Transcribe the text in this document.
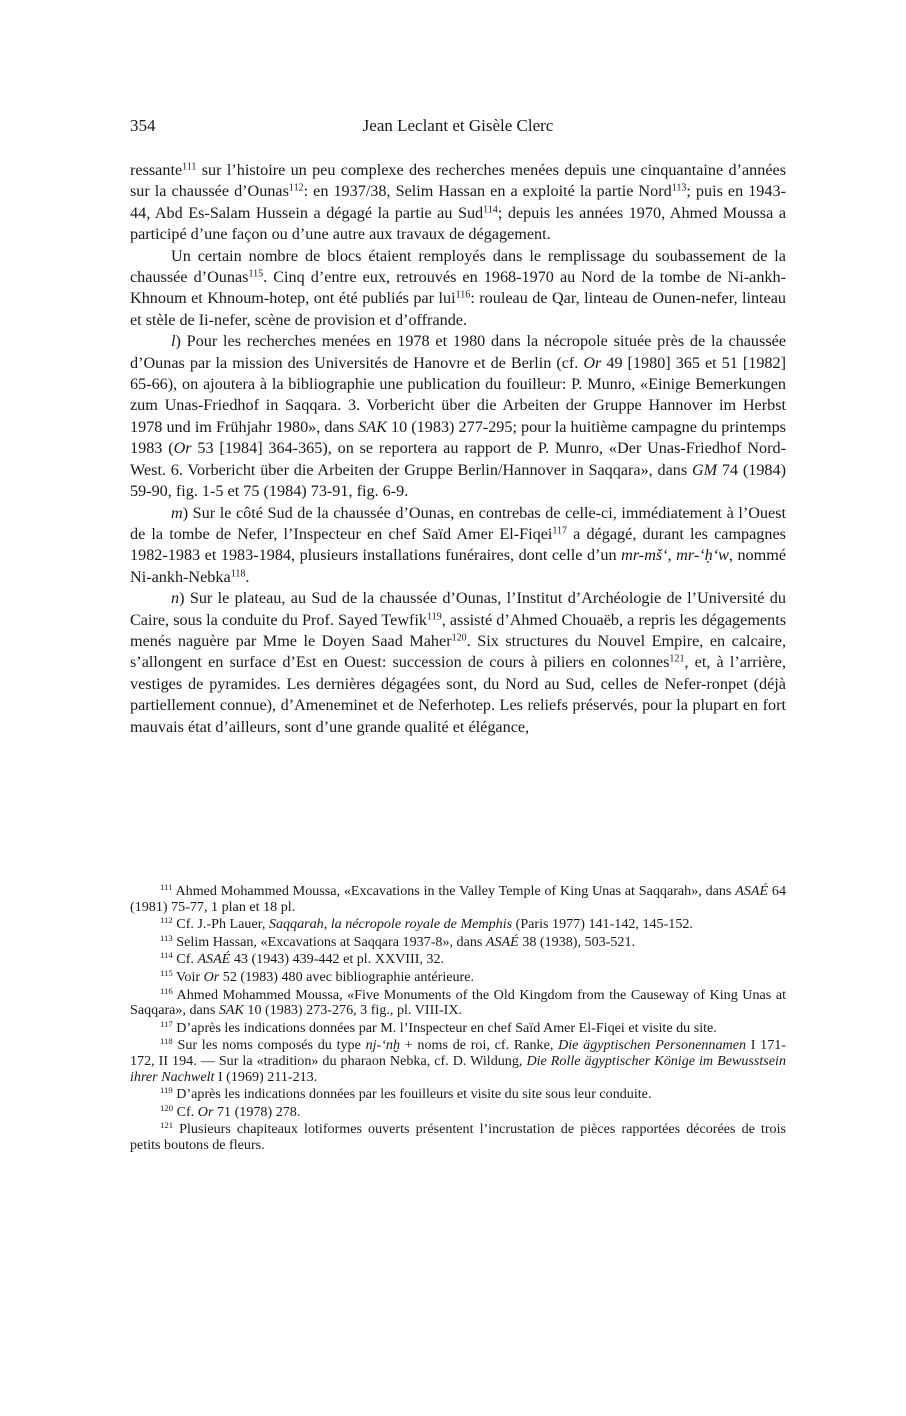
354	Jean Leclant et Gisèle Clerc

ressante$^{111}$ sur l’histoire un peu complexe des recherches menées depuis une cinquantaine d’années sur la chaussée d’Ounas$^{112}$: en 1937/38, Selim Hassan en a exploité la partie Nord$^{113}$; puis en 1943-44, Abd Es-Salam Hussein a dégagé la partie au Sud$^{114}$; depuis les années 1970, Ahmed Moussa a participé d’une façon ou d’une autre aux travaux de dégagement.

Un certain nombre de blocs étaient remployés dans le remplissage du soubassement de la chaussée d’Ounas$^{115}$. Cinq d’entre eux, retrouvés en 1968-1970 au Nord de la tombe de Ni-ankh-Khnoum et Khnoum-hotep, ont été publiés par lui$^{116}$: rouleau de Qar, linteau de Ounen-nefer, linteau et stèle de Ii-nefer, scène de provision et d’offrande.

l) Pour les recherches menées en 1978 et 1980 dans la nécropole située près de la chaussée d’Ounas par la mission des Universités de Hanovre et de Berlin (cf. Or 49 [1980] 365 et 51 [1982] 65-66), on ajoutera à la bibliographie une publication du fouilleur: P. Munro, «Einige Bemerkungen zum Unas-Friedhof in Saqqara. 3. Vorbericht über die Arbeiten der Gruppe Hannover im Herbst 1978 und im Frühjahr 1980», dans SAK 10 (1983) 277-295; pour la huitième campagne du printemps 1983 (Or 53 [1984] 364-365), on se reportera au rapport de P. Munro, «Der Unas-Friedhof Nord-West. 6. Vorbericht über die Arbeiten der Gruppe Berlin/Hannover in Saqqara», dans GM 74 (1984) 59-90, fig. 1-5 et 75 (1984) 73-91, fig. 6-9.

m) Sur le côté Sud de la chaussée d’Ounas, en contrebas de celle-ci, immédiatement à l’Ouest de la tombe de Nefer, l’Inspecteur en chef Saïd Amer El-Fiqei$^{117}$ a dégagé, durant les campagnes 1982-1983 et 1983-1984, plusieurs installations funéraires, dont celle d’un mr-mš‘, mr-‘ḥ‘w, nommé Ni-ankh-Nebka$^{118}$.

n) Sur le plateau, au Sud de la chaussée d’Ounas, l’Institut d’Archéologie de l’Université du Caire, sous la conduite du Prof. Sayed Tewfik$^{119}$, assisté d’Ahmed Chouaëb, a repris les dégagements menés naguère par Mme le Doyen Saad Maher$^{120}$. Six structures du Nouvel Empire, en calcaire, s’allongent en surface d’Est en Ouest: succession de cours à piliers en colonnes$^{121}$, et, à l’arrière, vestiges de pyramides. Les dernières dégagées sont, du Nord au Sud, celles de Nefer-ronpet (déjà partiellement connue), d’Ameneminet et de Neferhotep. Les reliefs préservés, pour la plupart en fort mauvais état d’ailleurs, sont d’une grande qualité et élégance,

$^{111}$ Ahmed Mohammed Moussa, «Excavations in the Valley Temple of King Unas at Saqqarah», dans ASAÉ 64 (1981) 75-77, 1 plan et 18 pl.

$^{112}$ Cf. J.-Ph Lauer, Saqqarah, la nécropole royale de Memphis (Paris 1977) 141-142, 145-152.

$^{113}$ Selim Hassan, «Excavations at Saqqara 1937-8», dans ASAÉ 38 (1938), 503-521.

$^{114}$ Cf. ASAÉ 43 (1943) 439-442 et pl. XXVIII, 32.

$^{115}$ Voir Or 52 (1983) 480 avec bibliographie antérieure.

$^{116}$ Ahmed Mohammed Moussa, «Five Monuments of the Old Kingdom from the Causeway of King Unas at Saqqara», dans SAK 10 (1983) 273-276, 3 fig., pl. VIII-IX.

$^{117}$ D’après les indications données par M. l’Inspecteur en chef Saïd Amer El-Fiqei et visite du site.

$^{118}$ Sur les noms composés du type nj-‘nḫ + noms de roi, cf. Ranke, Die ägyptischen Personennamen I 171-172, II 194. — Sur la «tradition» du pharaon Nebka, cf. D. Wildung, Die Rolle ägyptischer Könige im Bewusstsein ihrer Nachwelt I (1969) 211-213.

$^{119}$ D’après les indications données par les fouilleurs et visite du site sous leur conduite.

$^{120}$ Cf. Or 71 (1978) 278.

$^{121}$ Plusieurs chapiteaux lotiformes ouverts présentent l’incrustation de pièces rapportées décorées de trois petits boutons de fleurs.
